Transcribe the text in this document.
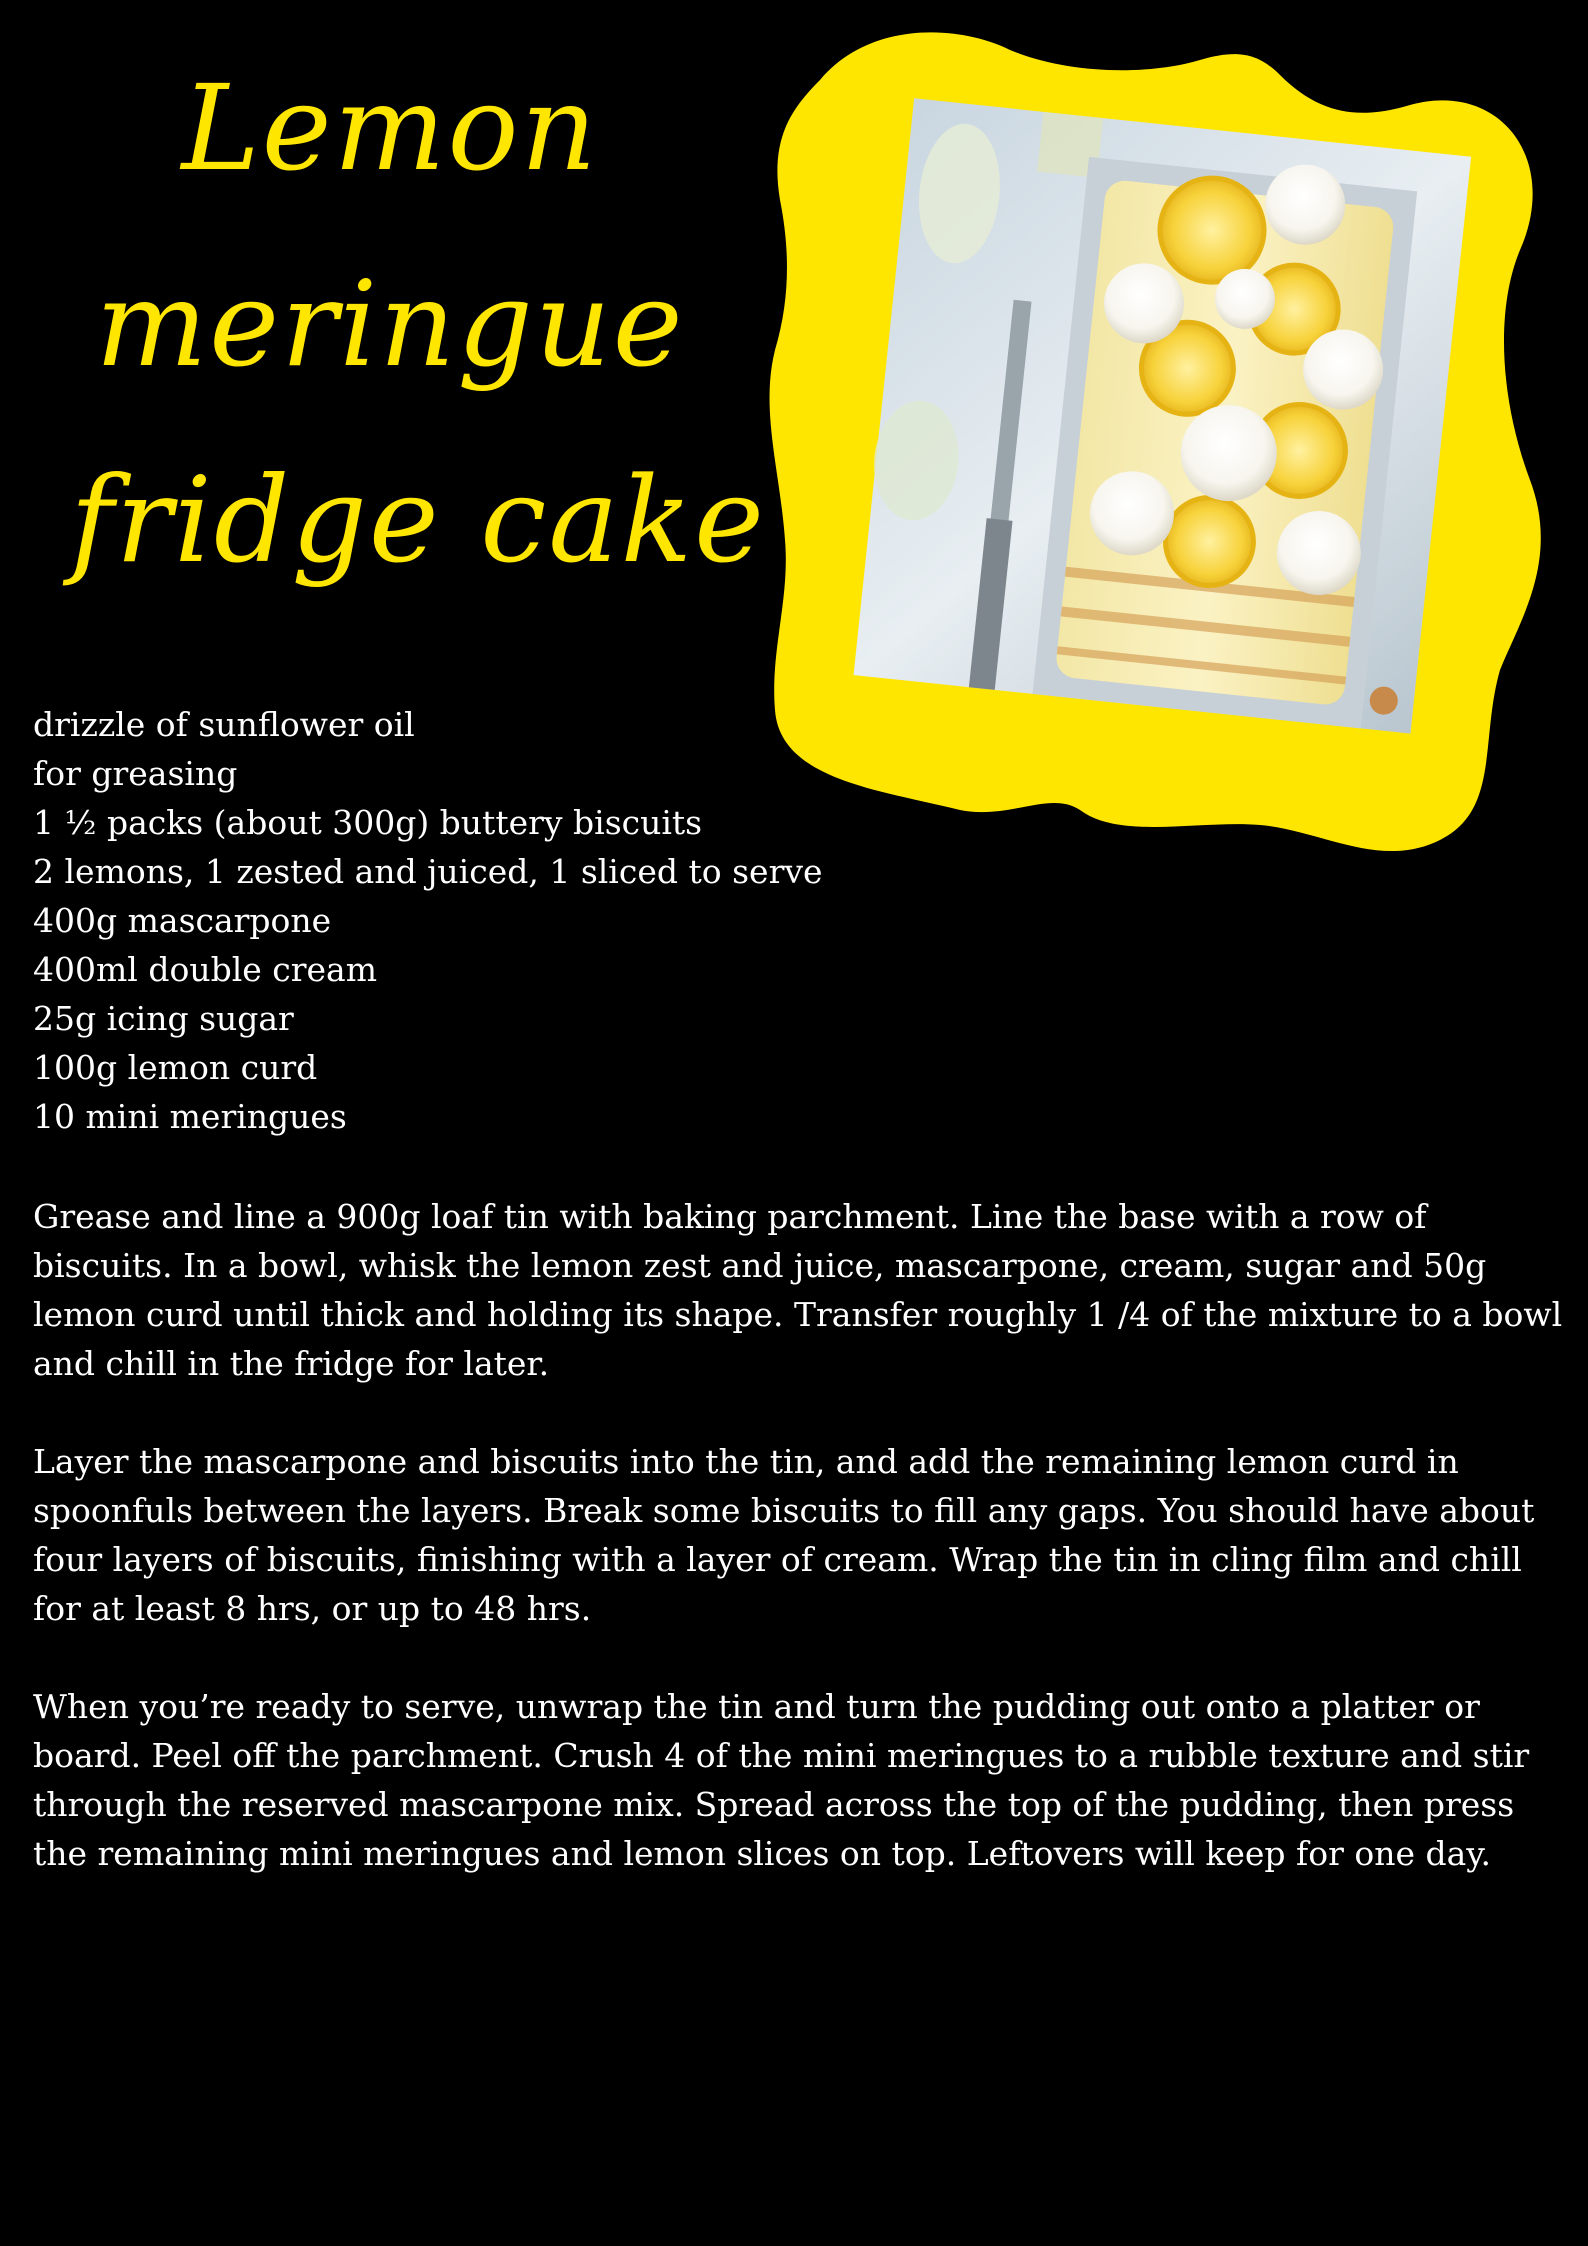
Lemon
meringue
fridge cake
drizzle of sunflower oil
for greasing
1 ½ packs (about 300g) buttery biscuits
2 lemons, 1 zested and juiced, 1 sliced to serve
400g mascarpone
400ml double cream
25g icing sugar
100g lemon curd
10 mini meringues

Grease and line a 900g loaf tin with baking parchment. Line the base with a row of biscuits. In a bowl, whisk the lemon zest and juice, mascarpone, cream, sugar and 50g lemon curd until thick and holding its shape. Transfer roughly 1 /4 of the mixture to a bowl and chill in the fridge for later.

Layer the mascarpone and biscuits into the tin, and add the remaining lemon curd in spoonfuls between the layers. Break some biscuits to fill any gaps. You should have about four layers of biscuits, finishing with a layer of cream. Wrap the tin in cling film and chill for at least 8 hrs, or up to 48 hrs.

When you’re ready to serve, unwrap the tin and turn the pudding out onto a platter or board. Peel off the parchment. Crush 4 of the mini meringues to a rubble texture and stir through the reserved mascarpone mix. Spread across the top of the pudding, then press the remaining mini meringues and lemon slices on top. Leftovers will keep for one day.
